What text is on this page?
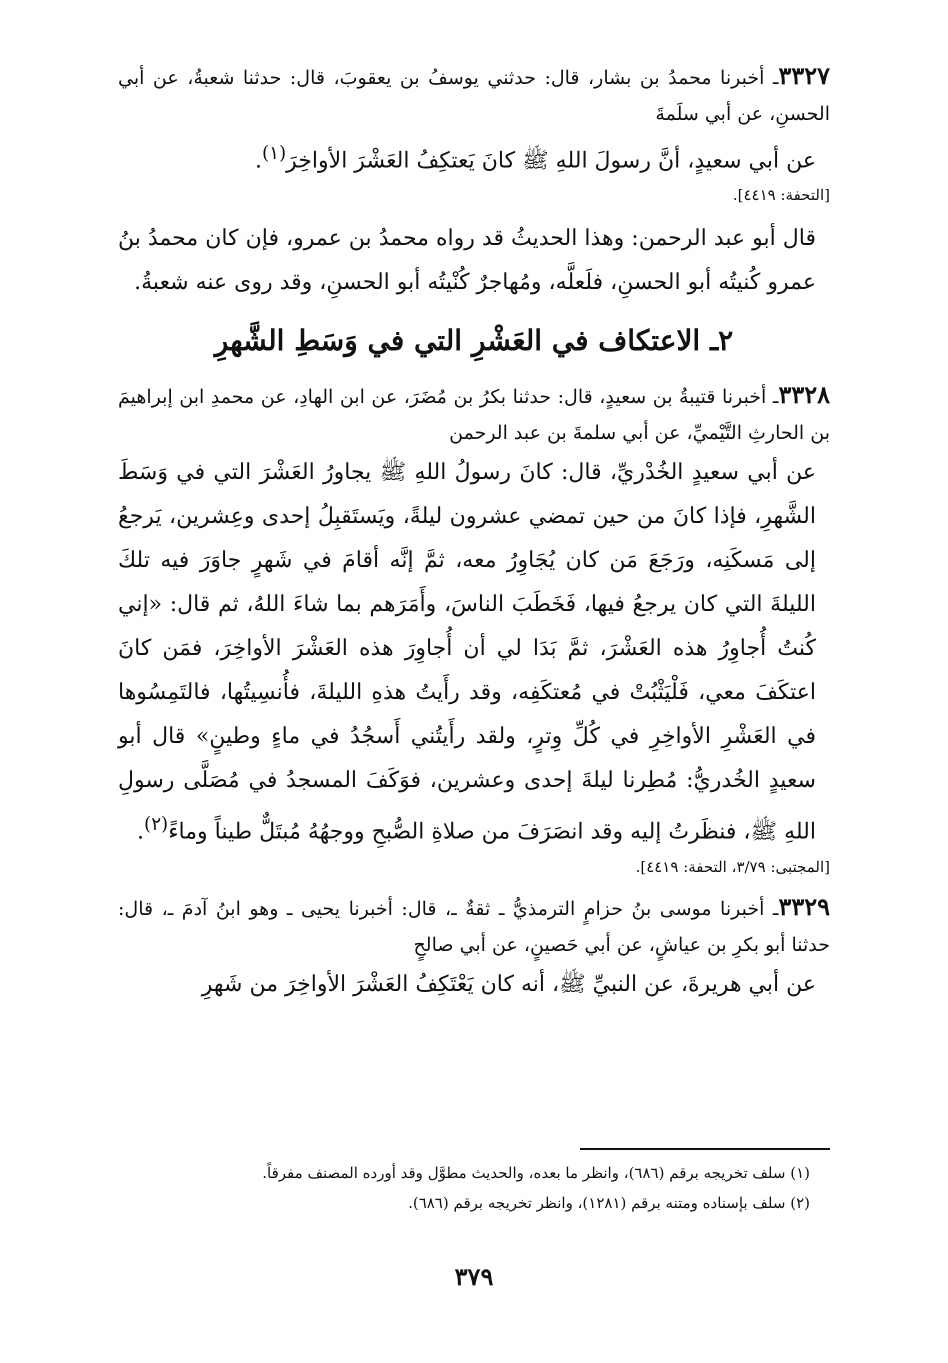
٣٣٢٧ـ أخبرنا محمدُ بن بشار، قال: حدثني يوسفُ بن يعقوبَ، قال: حدثنا شعبةُ، عن أبي الحسنِ، عن أبي سلَمةَ
عن أبي سعيدٍ، أنَّ رسولَ اللهِ ﷺ كانَ يَعتكِفُ العَشْرَ الأواخِرَ$^{(١)}$.
[التحفة: ٤٤١٩].
قال أبو عبد الرحمن: وهذا الحديثُ قد رواه محمدُ بن عمرو، فإن كان محمدُ بنُ عمرو كُنيتُه أبو الحسنِ، فلَعلَّه، ومُهاجرٌ كُنْيتُه أبو الحسنِ، وقد روى عنه شعبةُ.
٢ـ الاعتكاف في العَشْرِ التي في وَسَطِ الشَّهرِ
٣٣٢٨ـ أخبرنا قتيبةُ بن سعيدٍ، قال: حدثنا بكرُ بن مُضَرَ، عن ابن الهادِ، عن محمدِ ابن إبراهيمَ بن الحارثِ التَّيْميِّ، عن أبي سلمةَ بن عبد الرحمن
عن أبي سعيدٍ الخُدْريِّ، قال: كانَ رسولُ اللهِ ﷺ يجاورُ العَشْرَ التي في وَسَطَ الشَّهرِ، فإذا كانَ من حين تمضي عشرون ليلةً، ويَستَقبِلُ إحدى وعِشرين، يَرجعُ إلى مَسكَنِه، ورَجَعَ مَن كان يُجَاوِرُ معه، ثمَّ إنَّه أقامَ في شَهرٍ جاوَرَ فيه تلكَ الليلةَ التي كان يرجعُ فيها، فَخَطَبَ الناسَ، وأَمَرَهم بما شاءَ اللهُ، ثم قال: «إني كُنتُ أُجاوِرُ هذه العَشْرَ، ثمَّ بَدَا لي أن أُجاوِرَ هذه العَشْرَ الأواخِرَ، فمَن كانَ اعتكَفَ معي، فَلْيَثْبُتْ في مُعتكَفِه، وقد رأَيتُ هذهِ الليلةَ، فأُنسِيتُها، فالتَمِسُوها في العَشْرِ الأواخِرِ في كُلِّ وِترٍ، ولقد رأَيتُني أَسجُدُ في ماءٍ وطينٍ» قال أبو سعيدٍ الخُدريُّ: مُطِرنا ليلةَ إحدى وعشرين، فوَكَفَ المسجدُ في مُصَلَّى رسولِ اللهِ ﷺ، فنظَرتُ إليه وقد انصَرَفَ من صلاةِ الصُّبحِ ووجهُهُ مُبتَلٌّ طيناً وماءً$^{(٢)}$.
[المجتبى: ٣/٧٩، التحفة: ٤٤١٩].
٣٣٢٩ـ أخبرنا موسى بنُ حزامٍ الترمذيُّ ـ ثقةٌ ـ، قال: أخبرنا يحيى ـ وهو ابنُ آدمَ ـ، قال: حدثنا أبو بكرِ بن عياشٍ، عن أبي حَصينٍ، عن أبي صالحٍ
عن أبي هريرةَ، عن النبيِّ ﷺ، أنه كان يَعْتَكِفُ العَشْرَ الأواخِرَ من شَهرِ
(١) سلف تخريجه برقم (٦٨٦)، وانظر ما بعده، والحديث مطوَّل وقد أورده المصنف مفرقاً.
(٢) سلف بإسناده ومتنه برقم (١٢٨١)، وانظر تخريجه برقم (٦٨٦).
٣٧٩
